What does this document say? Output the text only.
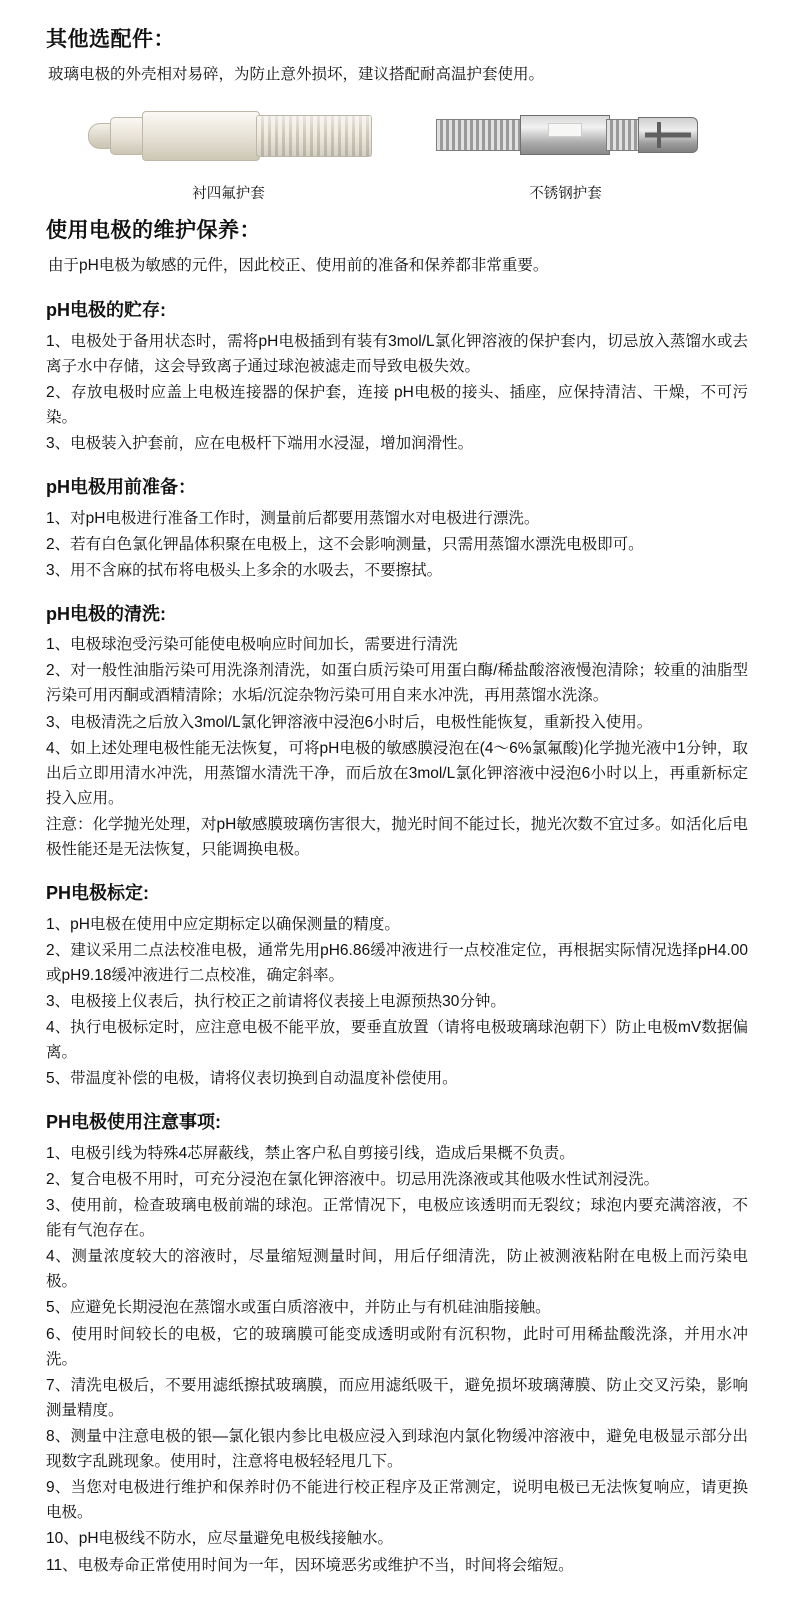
其他选配件：

玻璃电极的外壳相对易碎，为防止意外损坏，建议搭配耐高温护套使用。

衬四氟护套	不锈钢护套
使用电极的维护保养：

由于pH电极为敏感的元件，因此校正、使用前的准备和保养都非常重要。

pH电极的贮存:

1、电极处于备用状态时，需将pH电极插到有装有3mol/L氯化钾溶液的保护套内，切忌放入蒸馏水或去离子水中存储，这会导致离子通过球泡被滤走而导致电极失效。

2、存放电极时应盖上电极连接器的保护套，连接 pH电极的接头、插座，应保持清洁、干燥，不可污染。

3、电极装入护套前，应在电极杆下端用水浸湿，增加润滑性。

pH电极用前准备：

1、对pH电极进行准备工作时，测量前后都要用蒸馏水对电极进行漂洗。

2、若有白色氯化钾晶体积聚在电极上，这不会影响测量，只需用蒸馏水漂洗电极即可。

3、用不含麻的拭布将电极头上多余的水吸去，不要擦拭。

pH电极的清洗:

1、电极球泡受污染可能使电极响应时间加长，需要进行清洗

2、对一般性油脂污染可用洗涤剂清洗，如蛋白质污染可用蛋白酶/稀盐酸溶液慢泡清除；较重的油脂型污染可用丙酮或酒精清除；水垢/沉淀杂物污染可用自来水冲洗，再用蒸馏水洗涤。

3、电极清洗之后放入3mol/L氯化钾溶液中浸泡6小时后，电极性能恢复，重新投入使用。

4、如上述处理电极性能无法恢复，可将pH电极的敏感膜浸泡在(4～6%氯氟酸)化学抛光液中1分钟，取出后立即用清水冲洗，用蒸馏水清洗干净，而后放在3mol/L氯化钾溶液中浸泡6小时以上，再重新标定投入应用。

注意：化学抛光处理，对pH敏感膜玻璃伤害很大，抛光时间不能过长，抛光次数不宜过多。如活化后电极性能还是无法恢复，只能调换电极。

PH电极标定:

1、pH电极在使用中应定期标定以确保测量的精度。

2、建议采用二点法校准电极，通常先用pH6.86缓冲液进行一点校准定位，再根据实际情况选择pH4.00或pH9.18缓冲液进行二点校准，确定斜率。

3、电极接上仪表后，执行校正之前请将仪表接上电源预热30分钟。

4、执行电极标定时，应注意电极不能平放，要垂直放置（请将电极玻璃球泡朝下）防止电极mV数据偏离。

5、带温度补偿的电极，请将仪表切换到自动温度补偿使用。

PH电极使用注意事项:

1、电极引线为特殊4芯屏蔽线，禁止客户私自剪接引线，造成后果概不负责。

2、复合电极不用时，可充分浸泡在氯化钾溶液中。切忌用洗涤液或其他吸水性试剂浸洗。

3、使用前，检查玻璃电极前端的球泡。正常情况下，电极应该透明而无裂纹；球泡内要充满溶液，不能有气泡存在。

4、测量浓度较大的溶液时，尽量缩短测量时间，用后仔细清洗，防止被测液粘附在电极上而污染电极。

5、应避免长期浸泡在蒸馏水或蛋白质溶液中，并防止与有机硅油脂接触。

6、使用时间较长的电极，它的玻璃膜可能变成透明或附有沉积物，此时可用稀盐酸洗涤，并用水冲洗。

7、清洗电极后，不要用滤纸擦拭玻璃膜，而应用滤纸吸干，避免损坏玻璃薄膜、防止交叉污染，影响测量精度。

8、测量中注意电极的银—氯化银内参比电极应浸入到球泡内氯化物缓冲溶液中，避免电极显示部分出现数字乱跳现象。使用时，注意将电极轻轻甩几下。

9、当您对电极进行维护和保养时仍不能进行校正程序及正常测定，说明电极已无法恢复响应，请更换电极。

10、pH电极线不防水，应尽量避免电极线接触水。

11、电极寿命正常使用时间为一年，因环境恶劣或维护不当，时间将会缩短。
